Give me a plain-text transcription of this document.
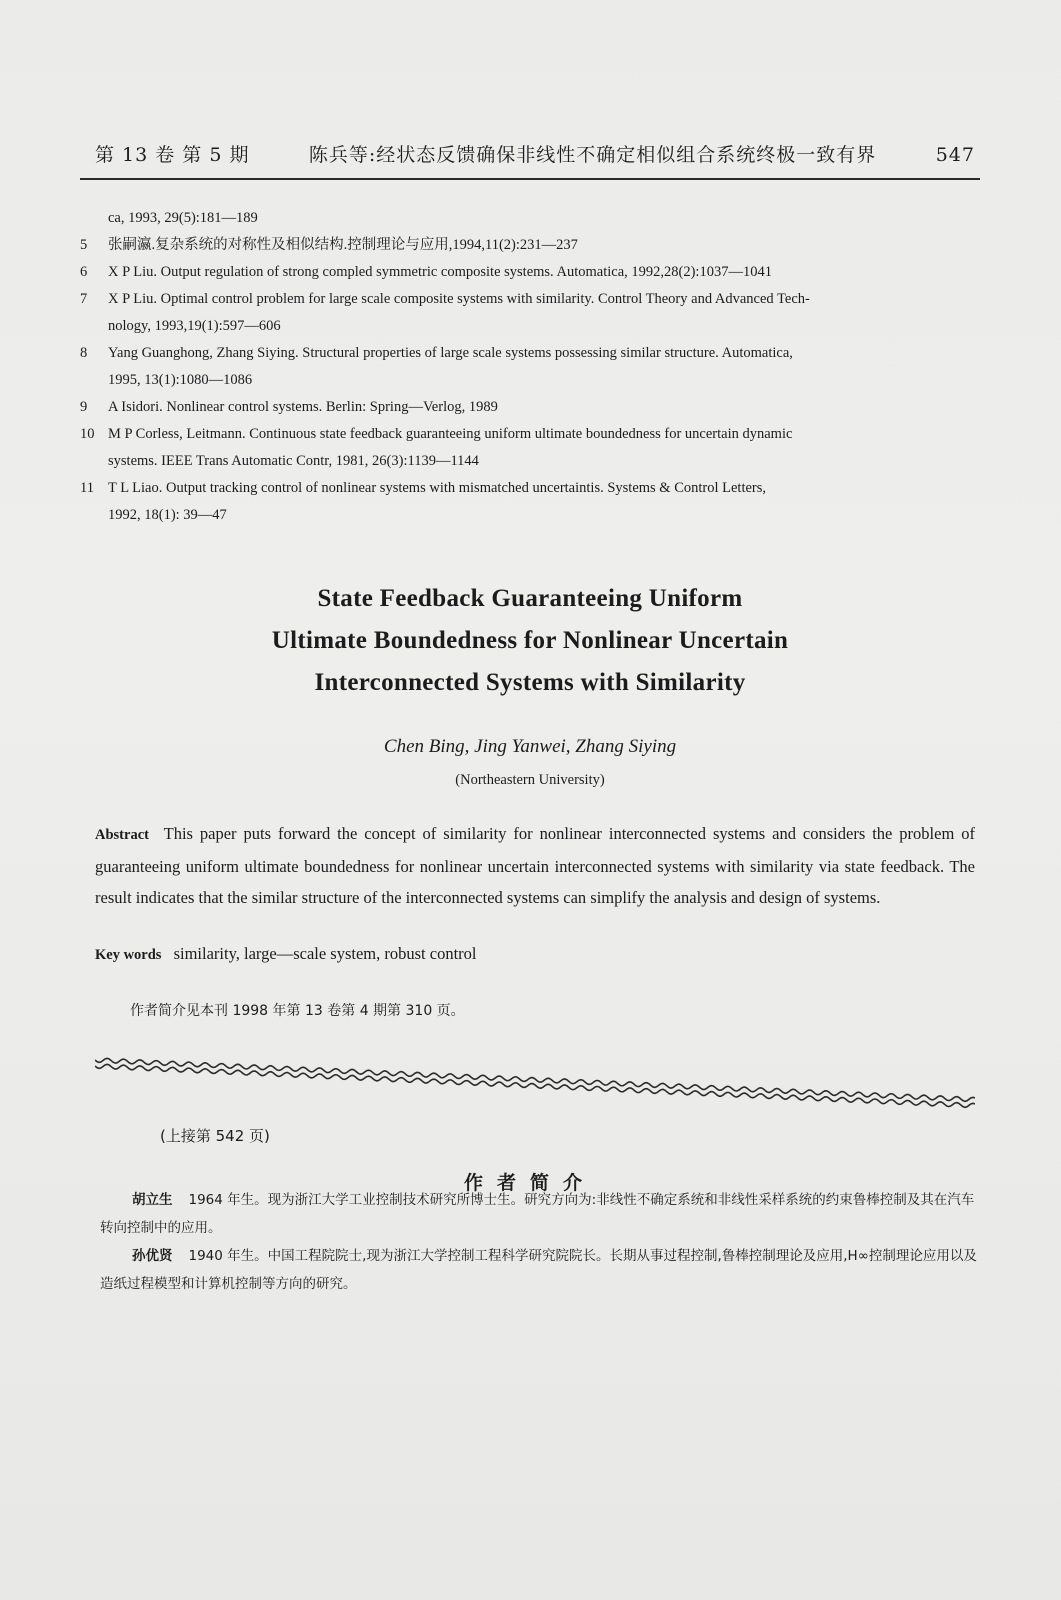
第 13 卷 第 5 期	陈兵等:经状态反馈确保非线性不确定相似组合系统终极一致有界	547
ca, 1993, 29(5):181—189
5	张嗣瀛.复杂系统的对称性及相似结构.控制理论与应用,1994,11(2):231—237
6	X P Liu. Output regulation of strong compled symmetric composite systems. Automatica, 1992,28(2):1037—1041
7	X P Liu. Optimal control problem for large scale composite systems with similarity. Control Theory and Advanced Tech-
nology, 1993,19(1):597—606
8	Yang Guanghong, Zhang Siying. Structural properties of large scale systems possessing similar structure. Automatica,
1995, 13(1):1080—1086
9	A Isidori. Nonlinear control systems. Berlin: Spring—Verlog, 1989
10 M P Corless, Leitmann. Continuous state feedback guaranteeing uniform ultimate boundedness for uncertain dynamic
systems. IEEE Trans Automatic Contr, 1981, 26(3):1139—1144
11 T L Liao. Output tracking control of nonlinear systems with mismatched uncertaintis. Systems & Control Letters,
1992, 18(1): 39—47
State Feedback Guaranteeing Uniform
Ultimate Boundedness for Nonlinear Uncertain
Interconnected Systems with Similarity
Chen Bing, Jing Yanwei, Zhang Siying
(Northeastern University)
Abstract This paper puts forward the concept of similarity for nonlinear interconnected systems and considers the problem of guaranteeing uniform ultimate boundedness for nonlinear uncertain interconnected systems with similarity via state feedback. The result indicates that the similar structure of the interconnected systems can simplify the analysis and design of systems.
Key words similarity, large—scale system, robust control
作者简介见本刊 1998 年第 13 卷第 4 期第 310 页。
(上接第 542 页)
作者简介
胡立生 1964 年生。现为浙江大学工业控制技术研究所博士生。研究方向为:非线性不确定系统和非线性采样系统的约束鲁棒控制及其在汽车转向控制中的应用。
孙优贤 1940 年生。中国工程院院士,现为浙江大学控制工程科学研究院院长。长期从事过程控制,鲁棒控制理论及应用,H∞控制理论应用以及造纸过程模型和计算机控制等方向的研究。
